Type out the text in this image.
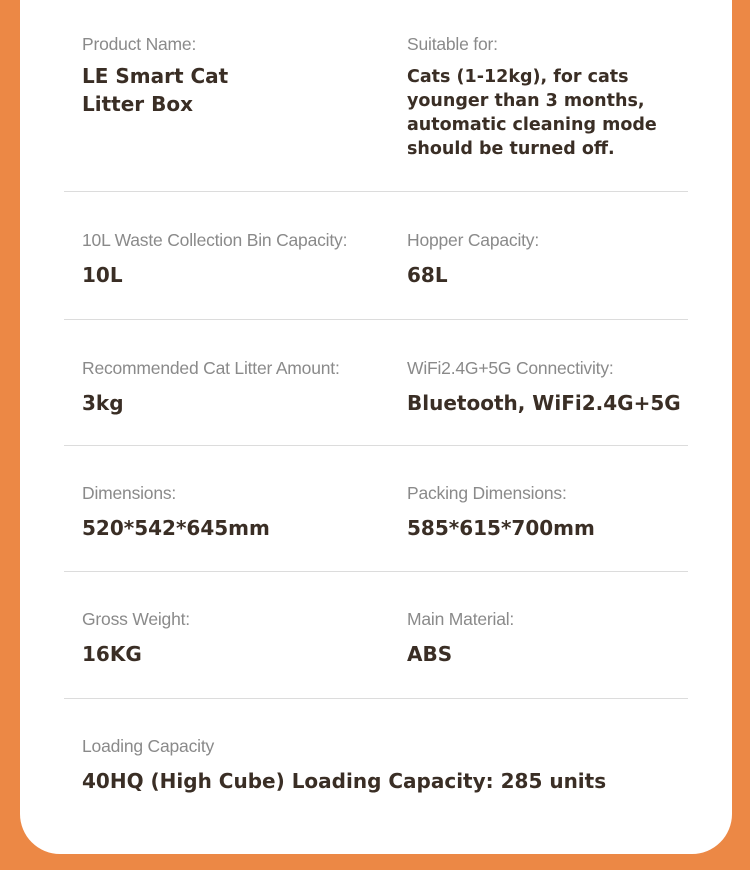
Product Name:
LE Smart Cat Litter Box
Suitable for:
Cats (1-12kg), for cats younger than 3 months, automatic cleaning mode should be turned off.
10L Waste Collection Bin Capacity:
10L
Hopper Capacity:
68L
Recommended Cat Litter Amount:
3kg
WiFi2.4G+5G Connectivity:
Bluetooth, WiFi2.4G+5G
Dimensions:
520*542*645mm
Packing Dimensions:
585*615*700mm
Gross Weight:
16KG
Main Material:
ABS
Loading Capacity
40HQ (High Cube) Loading Capacity: 285 units
